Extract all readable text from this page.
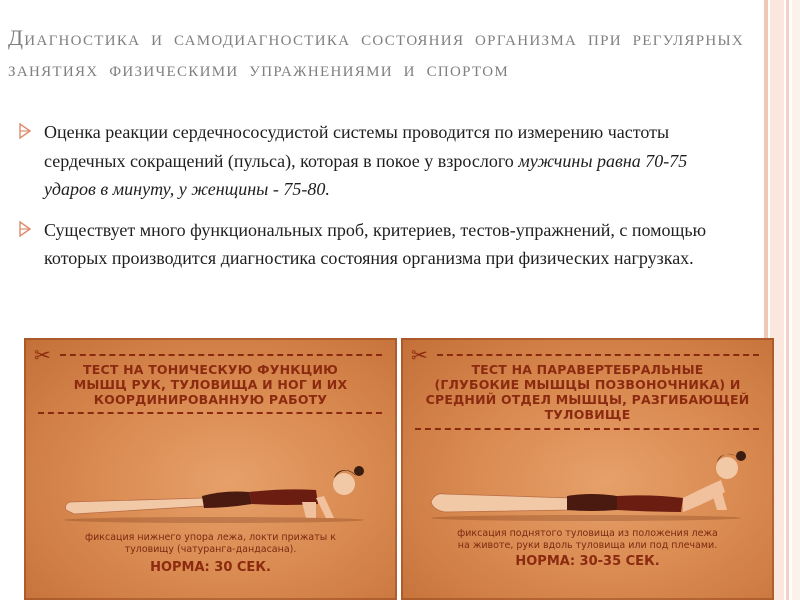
Диагностика и самодиагностика состояния организма при регулярных занятиях физическими упражнениями и спортом
Оценка реакции сердечнососудистой системы проводится по измерению частоты сердечных сокращений (пульса), которая в покое у взрослого мужчины равна 70-75 ударов в минуту, у женщины - 75-80.
Существует много функциональных проб, критериев, тестов-упражнений, с помощью которых производится диагностика состояния организма при физических нагрузках.
✂
ТЕСТ НА ТОНИЧЕСКУЮ ФУНКЦИЮ
МЫШЦ РУК, ТУЛОВИЩА И НОГ И ИХ
КООРДИНИРОВАННУЮ РАБОТУ
фиксация нижнего упора лежа, локти прижаты к
туловищу (чатуранга-дандасана).
НОРМА: 30 СЕК.
✂
ТЕСТ НА ПАРАВЕРТЕБРАЛЬНЫЕ
(ГЛУБОКИЕ МЫШЦЫ ПОЗВОНОЧНИКА) И
СРЕДНИЙ ОТДЕЛ МЫШЦЫ, РАЗГИБАЮЩЕЙ
ТУЛОВИЩЕ
фиксация поднятого туловища из положения лежа
на животе, руки вдоль туловища или под плечами.
НОРМА: 30-35 СЕК.
